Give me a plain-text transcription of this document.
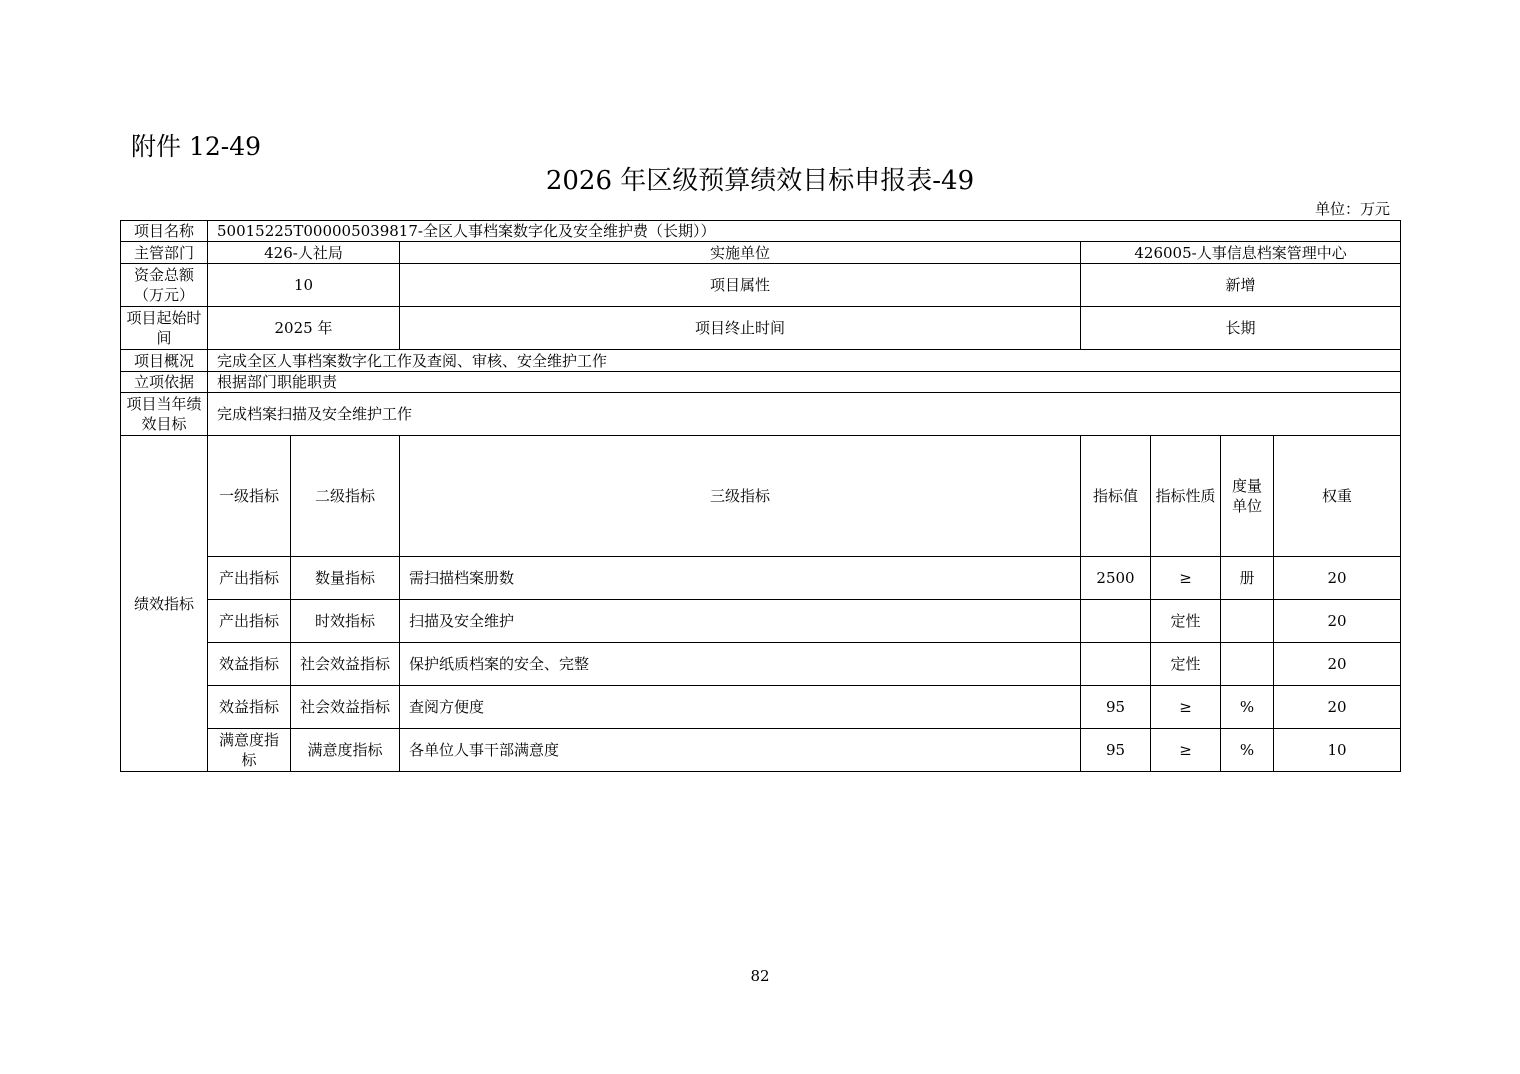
附件 12-49
2026 年区级预算绩效目标申报表-49
单位：万元
项目名称	50015225T000005039817-全区人事档案数字化及安全维护费（长期））							
主管部门	426-人社局		实施单位	426005-人事信息档案管理中心				
资金总额（万元）	10		项目属性	新增				
项目起始时间	2025 年		项目终止时间	长期				
项目概况	完成全区人事档案数字化工作及查阅、审核、安全维护工作							
立项依据	根据部门职能职责							
项目当年绩效目标	完成档案扫描及安全维护工作							
绩效指标	一级指标	二级指标	三级指标	指标值	指标性质	度量单位	权重	
	产出指标	数量指标	需扫描档案册数	2500	≥	册	20	
	产出指标	时效指标	扫描及安全维护		定性		20	
	效益指标	社会效益指标	保护纸质档案的安全、完整		定性		20	
	效益指标	社会效益指标	查阅方便度	95	≥	%	20	
	满意度指标	满意度指标	各单位人事干部满意度	95	≥	%	10	
82
